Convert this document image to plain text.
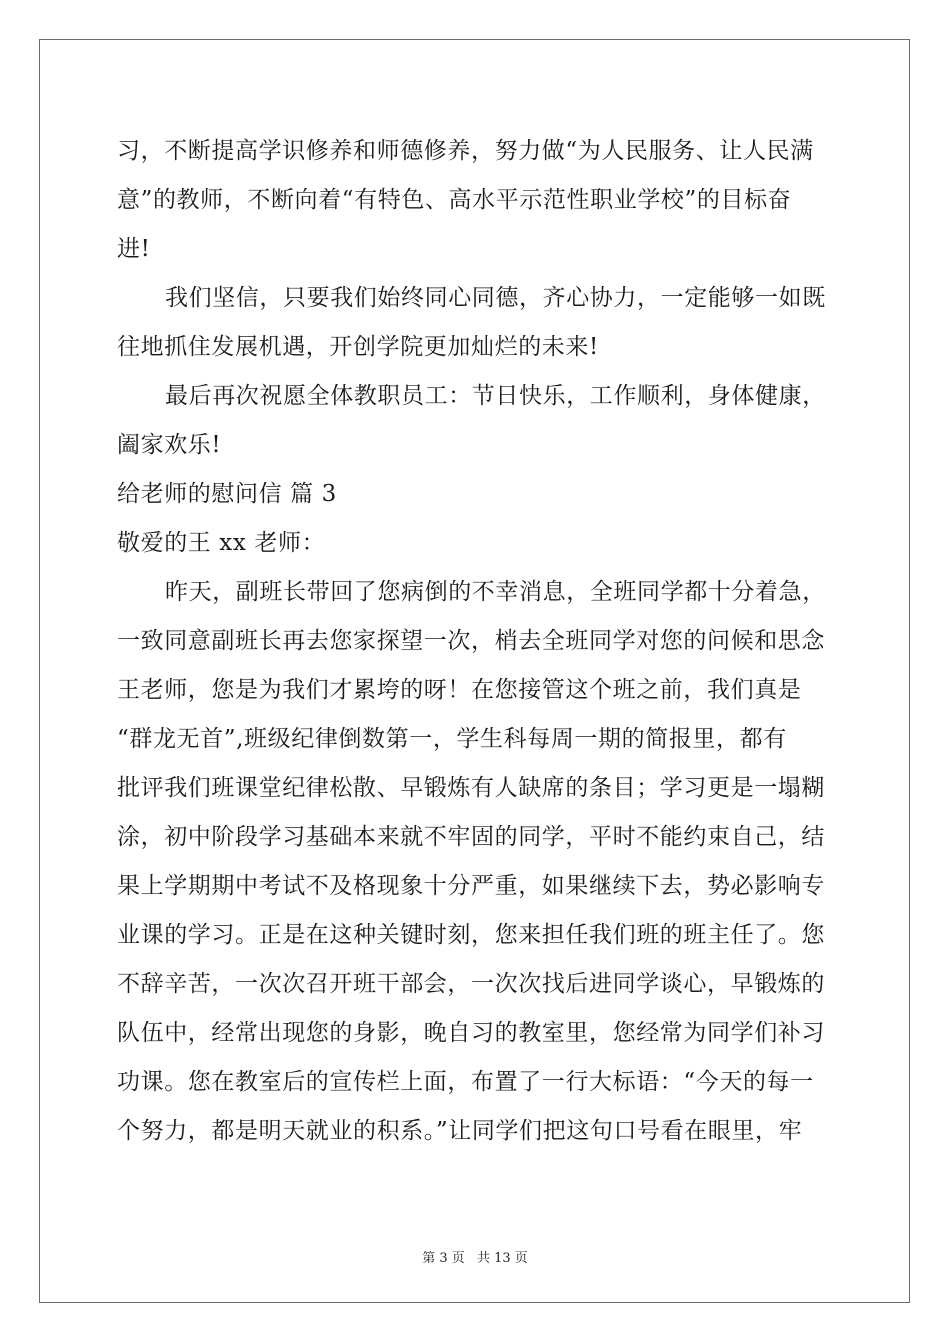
习，不断提高学识修养和师德修养，努力做“为人民服务、让人民满
意”的教师，不断向着“有特色、高水平示范性职业学校”的目标奋
进!
我们坚信，只要我们始终同心同德，齐心协力，一定能够一如既
往地抓住发展机遇，开创学院更加灿烂的未来!
最后再次祝愿全体教职员工：节日快乐，工作顺利，身体健康，
阖家欢乐!
给老师的慰问信 篇 3
敬爱的王 xx 老师：
昨天，副班长带回了您病倒的不幸消息，全班同学都十分着急，
一致同意副班长再去您家探望一次，梢去全班同学对您的问候和思念
王老师，您是为我们才累垮的呀！在您接管这个班之前，我们真是
“群龙无首”,班级纪律倒数第一，学生科每周一期的简报里，都有
批评我们班课堂纪律松散、早锻炼有人缺席的条目；学习更是一塌糊
涂，初中阶段学习基础本来就不牢固的同学，平时不能约束自己，结
果上学期期中考试不及格现象十分严重，如果继续下去，势必影响专
业课的学习。正是在这种关键时刻，您来担任我们班的班主任了。您
不辞辛苦，一次次召开班干部会，一次次找后进同学谈心，早锻炼的
队伍中，经常出现您的身影，晚自习的教室里，您经常为同学们补习
功课。您在教室后的宣传栏上面，布置了一行大标语：“今天的每一
个努力，都是明天就业的积系。”让同学们把这句口号看在眼里，牢
第 3 页 共 13 页
